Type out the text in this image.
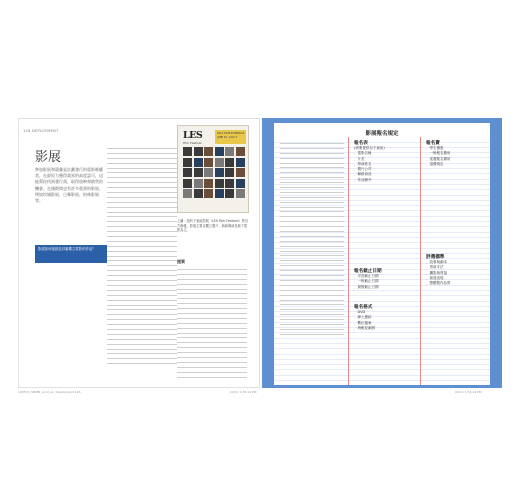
126 DEPLOYMENT
影展
參加影展和競賽是計劃發行的電影維權者，在最短力獲得業界的高度認可，這能幫你找到發行商，取得放映和銷售的機會。在國際間也有許多重要的影展，例如坎城影展、日舞影展、柏林影展等。
影展如何接納並評審獨立電影的作品？
LES
Film Festival
2011 FILM SCHEDULE
JUNE 30 - JULY 3
上圖：紐約下東區影展（LES Film Festival）的官方海報，影展主要以獨立製片、新銳導演及地下電影為主。
提案
影展報名規定
報名表
(需要提供以下資訊)
．電影名稱
．片長
．導演姓名
．製片公司
．聯絡資訊
．作品簡介
報名截止日期
．早鳥截止日期
．一般截止日期
．最後截止日期
報名格式
．DVD
．線上連結
．數位檔案
．海報及劇照
報名費
．學生優惠
．一般報名費用
．延遲報名費用
．退費規定
評選標準
．故事與劇本
．導演手法
．攝影與剪接
．演員表現
．整體製作品質
126TCK_SMMN_print_en_Deployment 126	09/11 1:34:14 PM	09/11 1:34:14 PM
